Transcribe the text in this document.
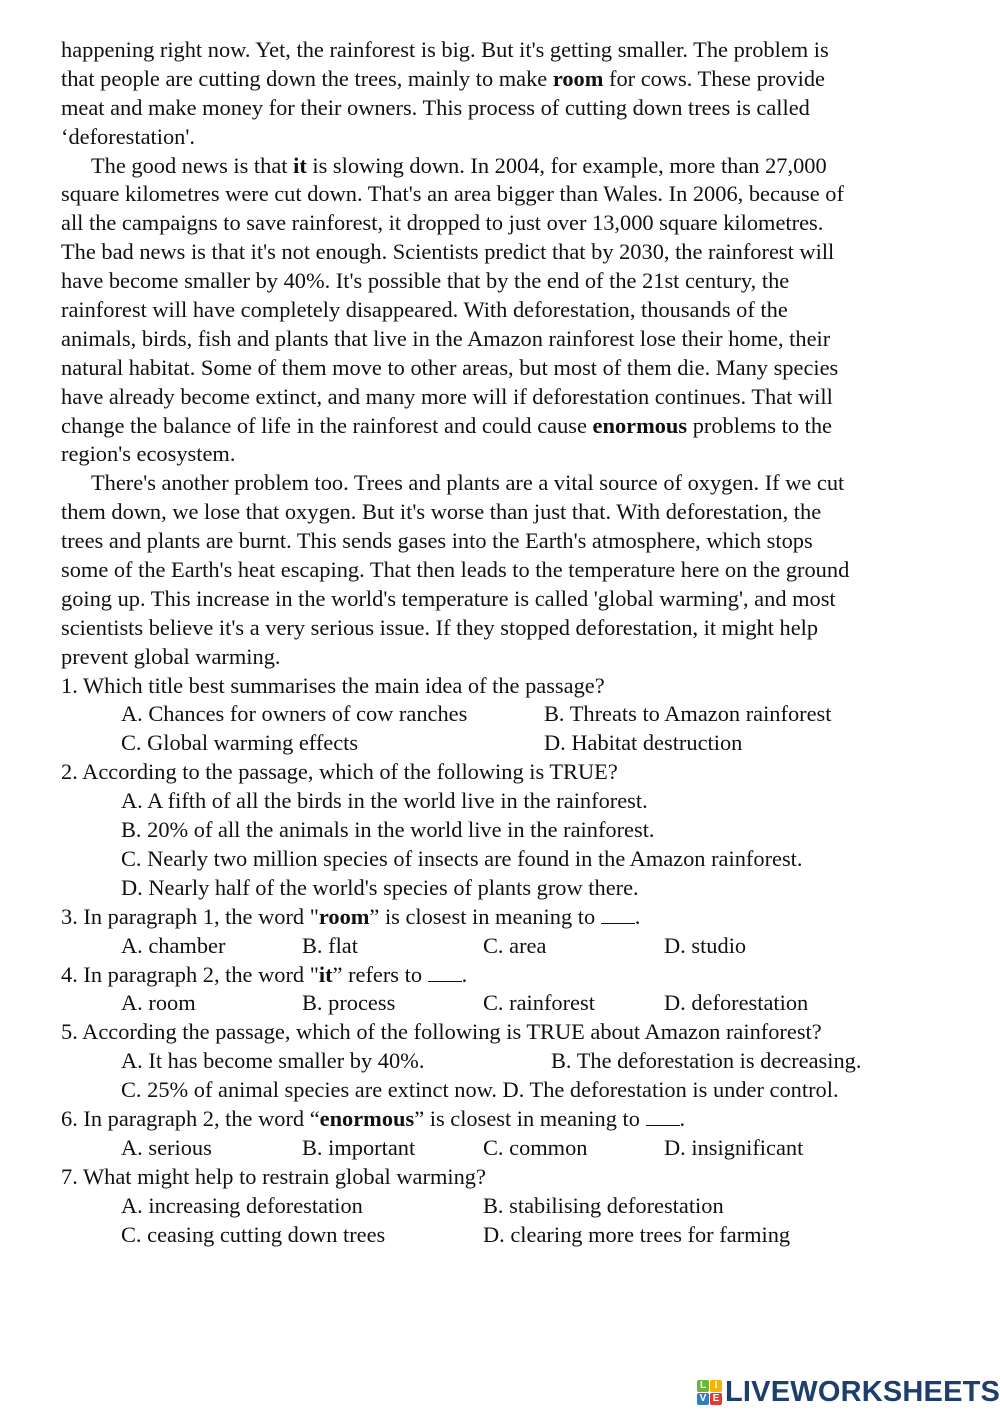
happening right now. Yet, the rainforest is big. But it's getting smaller. The problem is
that people are cutting down the trees, mainly to make room for cows. These provide
meat and make money for their owners. This process of cutting down trees is called
‘deforestation'.
The good news is that it is slowing down. In 2004, for example, more than 27,000
square kilometres were cut down. That's an area bigger than Wales. In 2006, because of
all the campaigns to save rainforest, it dropped to just over 13,000 square kilometres.
The bad news is that it's not enough. Scientists predict that by 2030, the rainforest will
have become smaller by 40%. It's possible that by the end of the 21st century, the
rainforest will have completely disappeared. With deforestation, thousands of the
animals, birds, fish and plants that live in the Amazon rainforest lose their home, their
natural habitat. Some of them move to other areas, but most of them die. Many species
have already become extinct, and many more will if deforestation continues. That will
change the balance of life in the rainforest and could cause enormous problems to the
region's ecosystem.
There's another problem too. Trees and plants are a vital source of oxygen. If we cut
them down, we lose that oxygen. But it's worse than just that. With deforestation, the
trees and plants are burnt. This sends gases into the Earth's atmosphere, which stops
some of the Earth's heat escaping. That then leads to the temperature here on the ground
going up. This increase in the world's temperature is called 'global warming', and most
scientists believe it's a very serious issue. If they stopped deforestation, it might help
prevent global warming.
1. Which title best summarises the main idea of the passage?
A. Chances for owners of cow ranches	B. Threats to Amazon rainforest
C. Global warming effects	D. Habitat destruction
2. According to the passage, which of the following is TRUE?
A. A fifth of all the birds in the world live in the rainforest.
B. 20% of all the animals in the world live in the rainforest.
C. Nearly two million species of insects are found in the Amazon rainforest.
D. Nearly half of the world's species of plants grow there.
3. In paragraph 1, the word "room” is closest in meaning to .
A. chamber	B. flat	C. area	D. studio
4. In paragraph 2, the word "it” refers to .
A. room	B. process	C. rainforest	D. deforestation
5. According the passage, which of the following is TRUE about Amazon rainforest?
A. It has become smaller by 40%.	B. The deforestation is decreasing.
C. 25% of animal species are extinct now. D. The deforestation is under control.
6. In paragraph 2, the word “enormous” is closest in meaning to .
A. serious	B. important	C. common	D. insignificant
7. What might help to restrain global warming?
A. increasing deforestation	B. stabilising deforestation
C. ceasing cutting down trees	D. clearing more trees for farming
L I
V E LIVEWORKSHEETS
